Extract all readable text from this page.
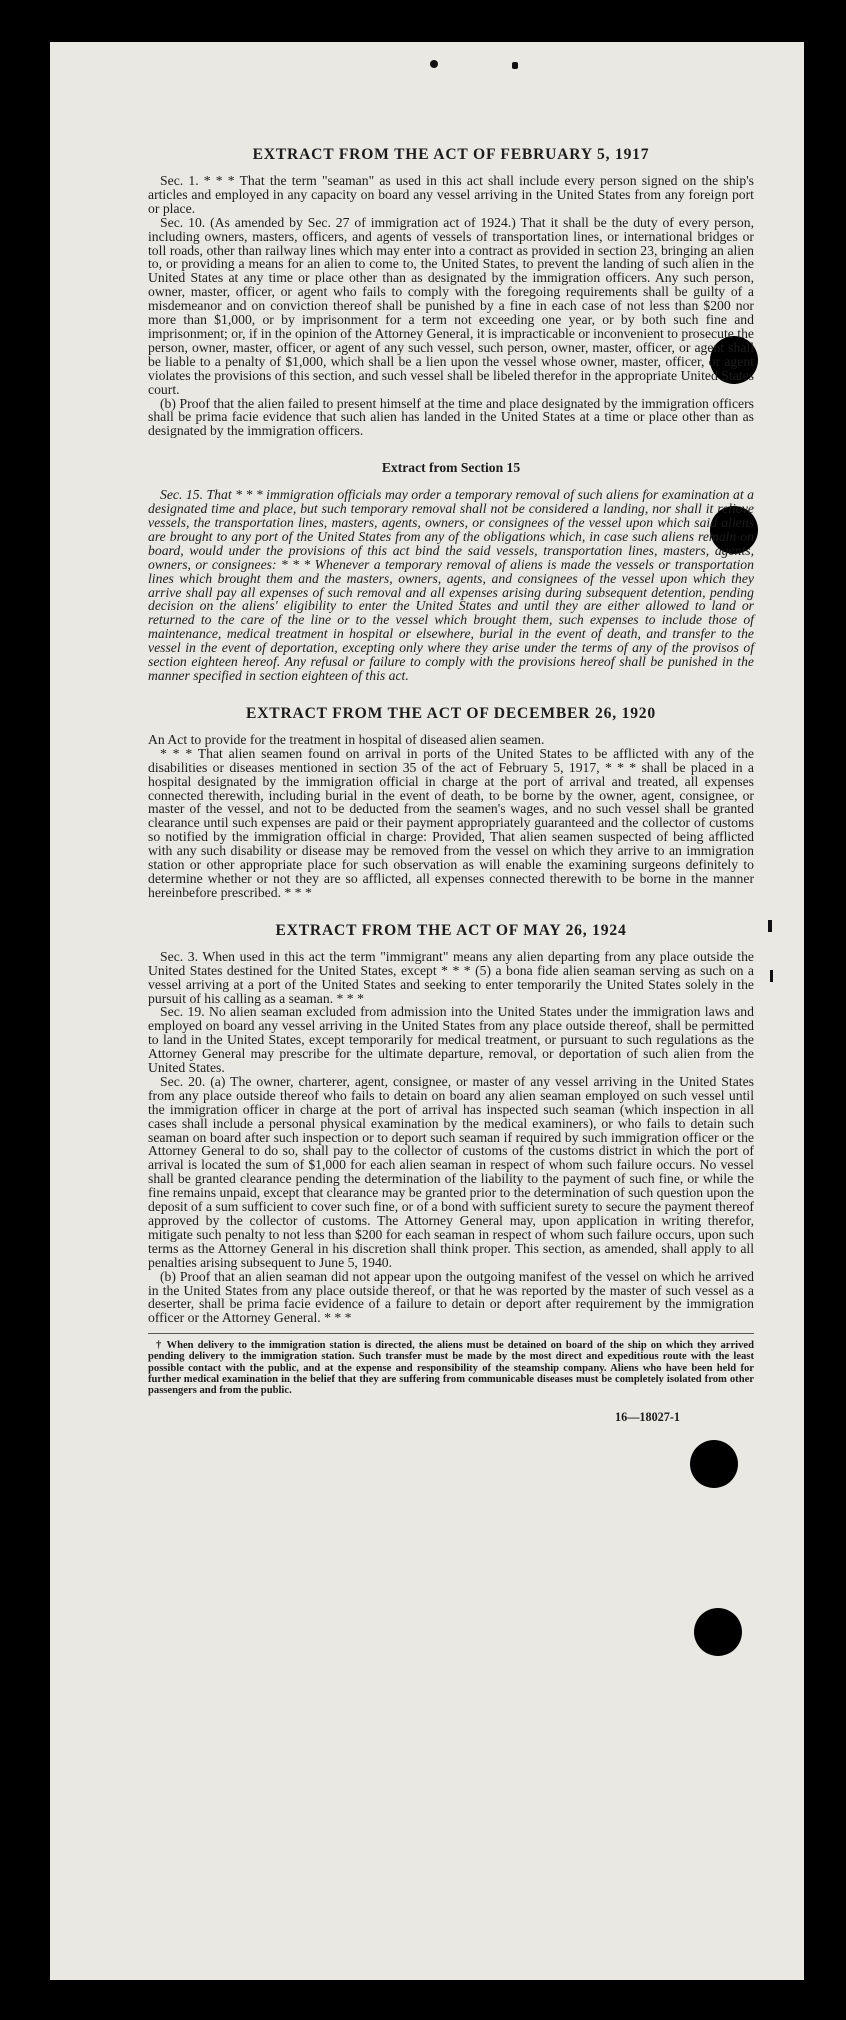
EXTRACT FROM THE ACT OF FEBRUARY 5, 1917

Sec. 1. * * * That the term "seaman" as used in this act shall include every person signed on the ship's articles and employed in any capacity on board any vessel arriving in the United States from any foreign port or place.

Sec. 10. (As amended by Sec. 27 of immigration act of 1924.) That it shall be the duty of every person, including owners, masters, officers, and agents of vessels of transportation lines, or international bridges or toll roads, other than railway lines which may enter into a contract as provided in section 23, bringing an alien to, or providing a means for an alien to come to, the United States, to prevent the landing of such alien in the United States at any time or place other than as designated by the immigration officers. Any such person, owner, master, officer, or agent who fails to comply with the foregoing requirements shall be guilty of a misdemeanor and on conviction thereof shall be punished by a fine in each case of not less than $200 nor more than $1,000, or by imprisonment for a term not exceeding one year, or by both such fine and imprisonment; or, if in the opinion of the Attorney General, it is impracticable or inconvenient to prosecute the person, owner, master, officer, or agent of any such vessel, such person, owner, master, officer, or agent shall be liable to a penalty of $1,000, which shall be a lien upon the vessel whose owner, master, officer, or agent violates the provisions of this section, and such vessel shall be libeled therefor in the appropriate United States court.

(b) Proof that the alien failed to present himself at the time and place designated by the immigration officers shall be prima facie evidence that such alien has landed in the United States at a time or place other than as designated by the immigration officers.

Extract from Section 15

Sec. 15. That * * * immigration officials may order a temporary removal of such aliens for examination at a designated time and place, but such temporary removal shall not be considered a landing, nor shall it relieve vessels, the transportation lines, masters, agents, owners, or consignees of the vessel upon which said aliens are brought to any port of the United States from any of the obligations which, in case such aliens remain on board, would under the provisions of this act bind the said vessels, transportation lines, masters, agents, owners, or consignees: * * * Whenever a temporary removal of aliens is made the vessels or transportation lines which brought them and the masters, owners, agents, and consignees of the vessel upon which they arrive shall pay all expenses of such removal and all expenses arising during subsequent detention, pending decision on the aliens' eligibility to enter the United States and until they are either allowed to land or returned to the care of the line or to the vessel which brought them, such expenses to include those of maintenance, medical treatment in hospital or elsewhere, burial in the event of death, and transfer to the vessel in the event of deportation, excepting only where they arise under the terms of any of the provisos of section eighteen hereof. Any refusal or failure to comply with the provisions hereof shall be punished in the manner specified in section eighteen of this act.

EXTRACT FROM THE ACT OF DECEMBER 26, 1920

An Act to provide for the treatment in hospital of diseased alien seamen.

* * * That alien seamen found on arrival in ports of the United States to be afflicted with any of the disabilities or diseases mentioned in section 35 of the act of February 5, 1917, * * * shall be placed in a hospital designated by the immigration official in charge at the port of arrival and treated, all expenses connected therewith, including burial in the event of death, to be borne by the owner, agent, consignee, or master of the vessel, and not to be deducted from the seamen's wages, and no such vessel shall be granted clearance until such expenses are paid or their payment appropriately guaranteed and the collector of customs so notified by the immigration official in charge: Provided, That alien seamen suspected of being afflicted with any such disability or disease may be removed from the vessel on which they arrive to an immigration station or other appropriate place for such observation as will enable the examining surgeons definitely to determine whether or not they are so afflicted, all expenses connected therewith to be borne in the manner hereinbefore prescribed. * * *

EXTRACT FROM THE ACT OF MAY 26, 1924

Sec. 3. When used in this act the term "immigrant" means any alien departing from any place outside the United States destined for the United States, except * * * (5) a bona fide alien seaman serving as such on a vessel arriving at a port of the United States and seeking to enter temporarily the United States solely in the pursuit of his calling as a seaman. * * *

Sec. 19. No alien seaman excluded from admission into the United States under the immigration laws and employed on board any vessel arriving in the United States from any place outside thereof, shall be permitted to land in the United States, except temporarily for medical treatment, or pursuant to such regulations as the Attorney General may prescribe for the ultimate departure, removal, or deportation of such alien from the United States.

Sec. 20. (a) The owner, charterer, agent, consignee, or master of any vessel arriving in the United States from any place outside thereof who fails to detain on board any alien seaman employed on such vessel until the immigration officer in charge at the port of arrival has inspected such seaman (which inspection in all cases shall include a personal physical examination by the medical examiners), or who fails to detain such seaman on board after such inspection or to deport such seaman if required by such immigration officer or the Attorney General to do so, shall pay to the collector of customs of the customs district in which the port of arrival is located the sum of $1,000 for each alien seaman in respect of whom such failure occurs. No vessel shall be granted clearance pending the determination of the liability to the payment of such fine, or while the fine remains unpaid, except that clearance may be granted prior to the determination of such question upon the deposit of a sum sufficient to cover such fine, or of a bond with sufficient surety to secure the payment thereof approved by the collector of customs. The Attorney General may, upon application in writing therefor, mitigate such penalty to not less than $200 for each seaman in respect of whom such failure occurs, upon such terms as the Attorney General in his discretion shall think proper. This section, as amended, shall apply to all penalties arising subsequent to June 5, 1940.

(b) Proof that an alien seaman did not appear upon the outgoing manifest of the vessel on which he arrived in the United States from any place outside thereof, or that he was reported by the master of such vessel as a deserter, shall be prima facie evidence of a failure to detain or deport after requirement by the immigration officer or the Attorney General. * * *

† When delivery to the immigration station is directed, the aliens must be detained on board of the ship on which they arrived pending delivery to the immigration station. Such transfer must be made by the most direct and expeditious route with the least possible contact with the public, and at the expense and responsibility of the steamship company. Aliens who have been held for further medical examination in the belief that they are suffering from communicable diseases must be completely isolated from other passengers and from the public.

16—18027-1
